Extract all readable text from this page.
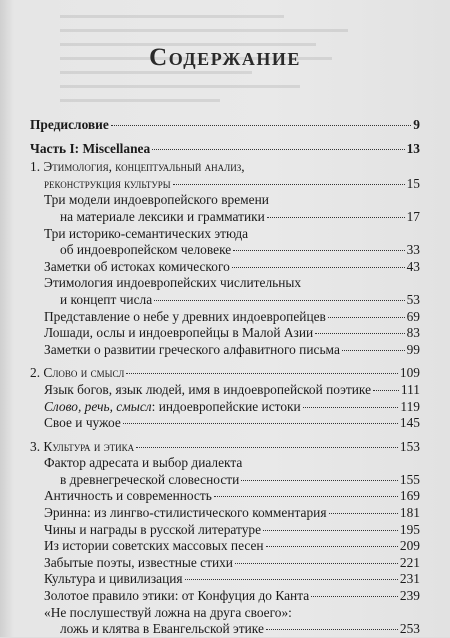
Содержание
Предисловие	9
Часть I: Miscellanea	13
1. Этимология, концептуальный анализ,
реконструкция культуры	15
Три модели индоевропейского времени
на материале лексики и грамматики	17
Три историко-семантических этюда
об индоевропейском человеке	33
Заметки об истоках комического	43
Этимология индоевропейских числительных
и концепт числа	53
Представление о небе у древних индоевропейцев	69
Лошади, ослы и индоевропейцы в Малой Азии	83
Заметки о развитии греческого алфавитного письма	99
2. Слово и смысл	109
Язык богов, язык людей, имя в индоевропейской поэтике 111
Слово, речь, смысл: индоевропейские истоки	119
Свое и чужое	145
3. Культура и этика	153
Фактор адресата и выбор диалекта
в древнегреческой словесности	155
Античность и современность	169
Эринна: из лингво-стилистического комментария	181
Чины и награды в русской литературе	195
Из истории советских массовых песен	209
Забытые поэты, известные стихи	221
Культура и цивилизация	231
Золотое правило этики: от Конфуция до Канта	239
«Не послушествуй ложна на друга своего»:
ложь и клятва в Евангельской этике	253
